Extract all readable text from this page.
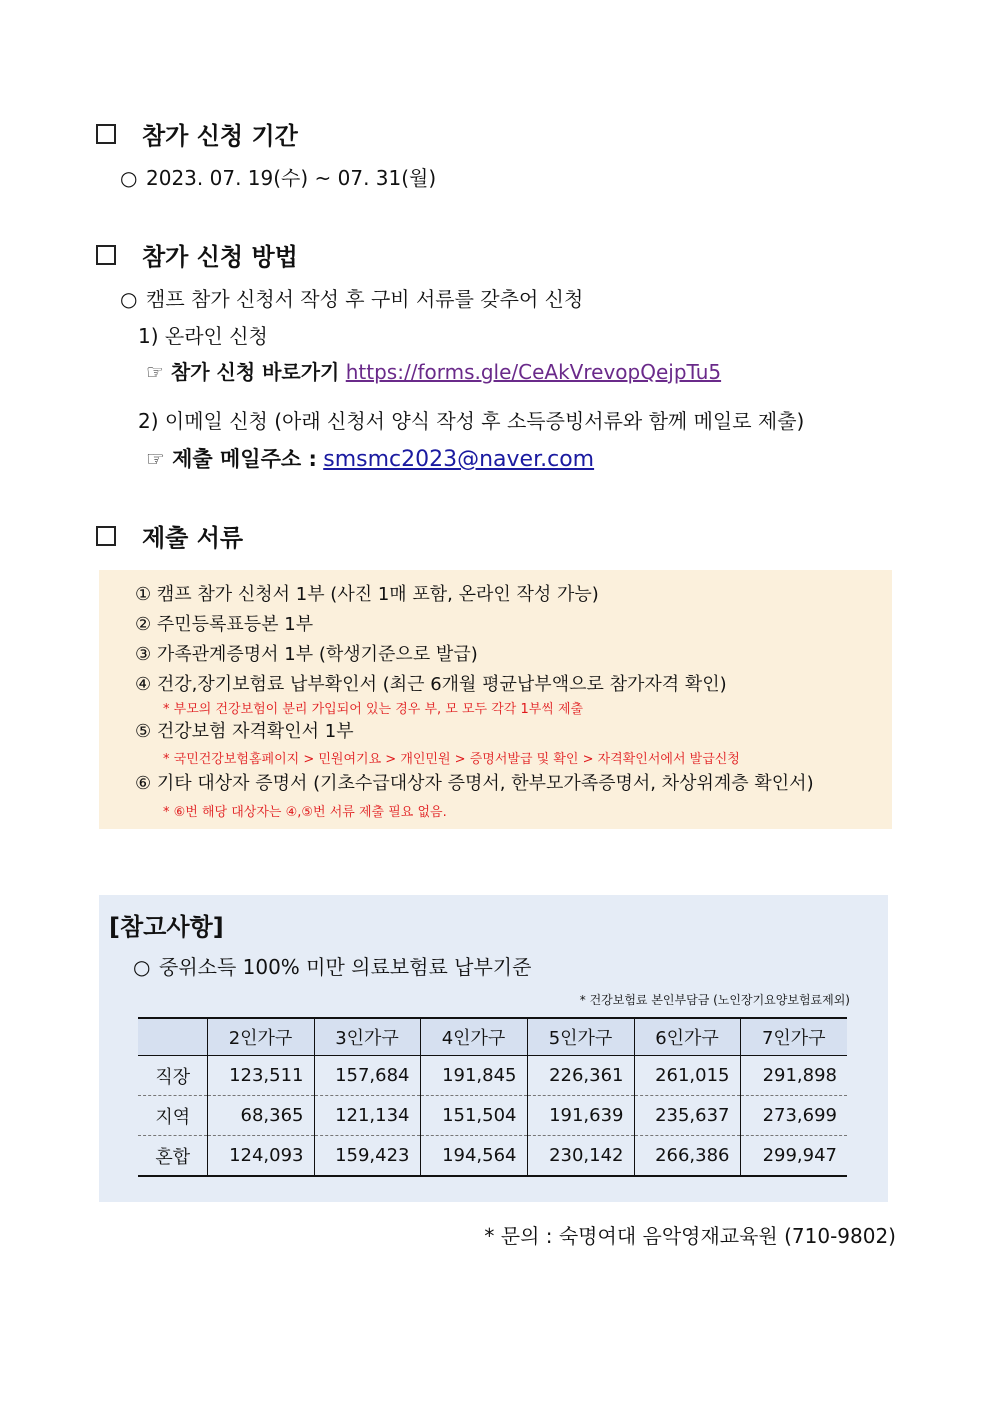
참가 신청 기간
○ 2023. 07. 19(수) ~ 07. 31(월)
참가 신청 방법
○ 캠프 참가 신청서 작성 후 구비 서류를 갖추어 신청
1) 온라인 신청
☞ 참가 신청 바로가기 https://forms.gle/CeAkVrevopQejpTu5
2) 이메일 신청 (아래 신청서 양식 작성 후 소득증빙서류와 함께 메일로 제출)
☞ 제출 메일주소 : smsmc2023@naver.com
제출 서류
① 캠프 참가 신청서 1부 (사진 1매 포함, 온라인 작성 가능)
② 주민등록표등본 1부
③ 가족관계증명서 1부 (학생기준으로 발급)
④ 건강,장기보험료 납부확인서 (최근 6개월 평균납부액으로 참가자격 확인)
* 부모의 건강보험이 분리 가입되어 있는 경우 부, 모 모두 각각 1부씩 제출
⑤ 건강보험 자격확인서 1부
* 국민건강보험홈페이지 > 민원여기요 > 개인민원 > 증명서발급 및 확인 > 자격확인서에서 발급신청
⑥ 기타 대상자 증명서 (기초수급대상자 증명서, 한부모가족증명서, 차상위계층 확인서)
* ⑥번 해당 대상자는 ④,⑤번 서류 제출 필요 없음.
[참고사항]
○ 중위소득 100% 미만 의료보험료 납부기준
* 건강보험료 본인부담금 (노인장기요양보험료제외)
	2인가구	3인가구	4인가구	5인가구	6인가구	7인가구
직장	123,511	157,684	191,845	226,361	261,015	291,898
지역	68,365	121,134	151,504	191,639	235,637	273,699
혼합	124,093	159,423	194,564	230,142	266,386	299,947
* 문의 : 숙명여대 음악영재교육원 (710-9802)
